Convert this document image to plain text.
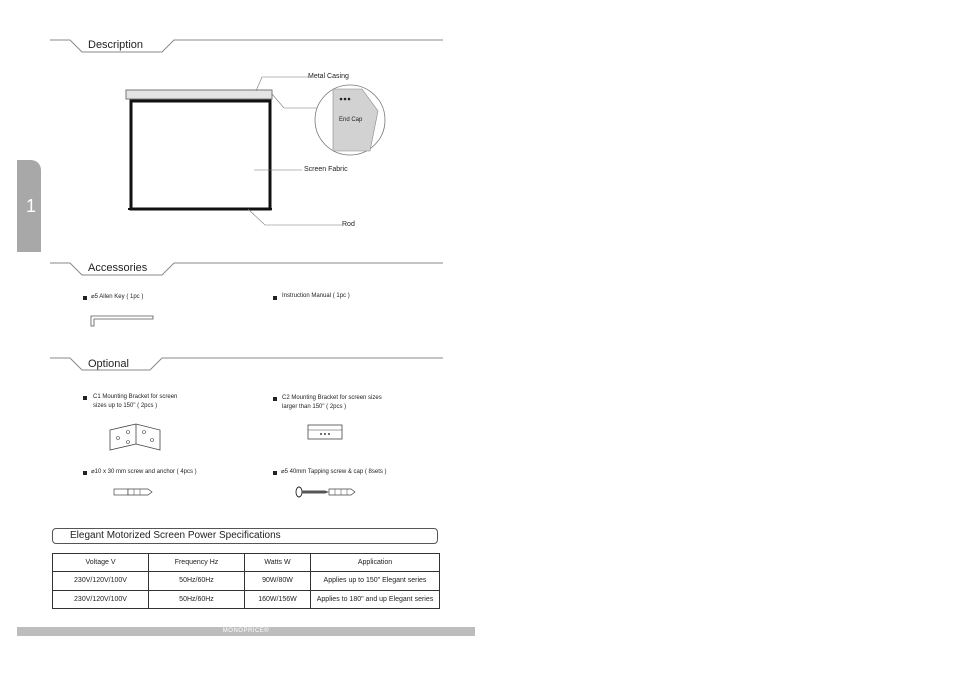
1
Description
Accessories
Optional
Metal Casing
End Cap
Screen Fabric
Rod
⌀5 Allen Key ( 1pc )	Instruction Manual ( 1pc )
C1 Mounting Bracket for screen
sizes up to 150" ( 2pcs )
C2 Mounting Bracket for screen sizes
larger than 150" ( 2pcs )
⌀10 x 30 mm screw and anchor ( 4pcs )	⌀5 40mm Tapping screw & cap ( 8sets )
Elegant Motorized Screen Power Specifications
Voltage V	Frequency Hz	Watts W	Application
230V/120V/100V	50Hz/60Hz	90W/80W	Applies up to 150" Elegant series
230V/120V/100V	50Hz/60Hz	160W/156W	Applies to 180" and up Elegant series
MONOPRICE®
